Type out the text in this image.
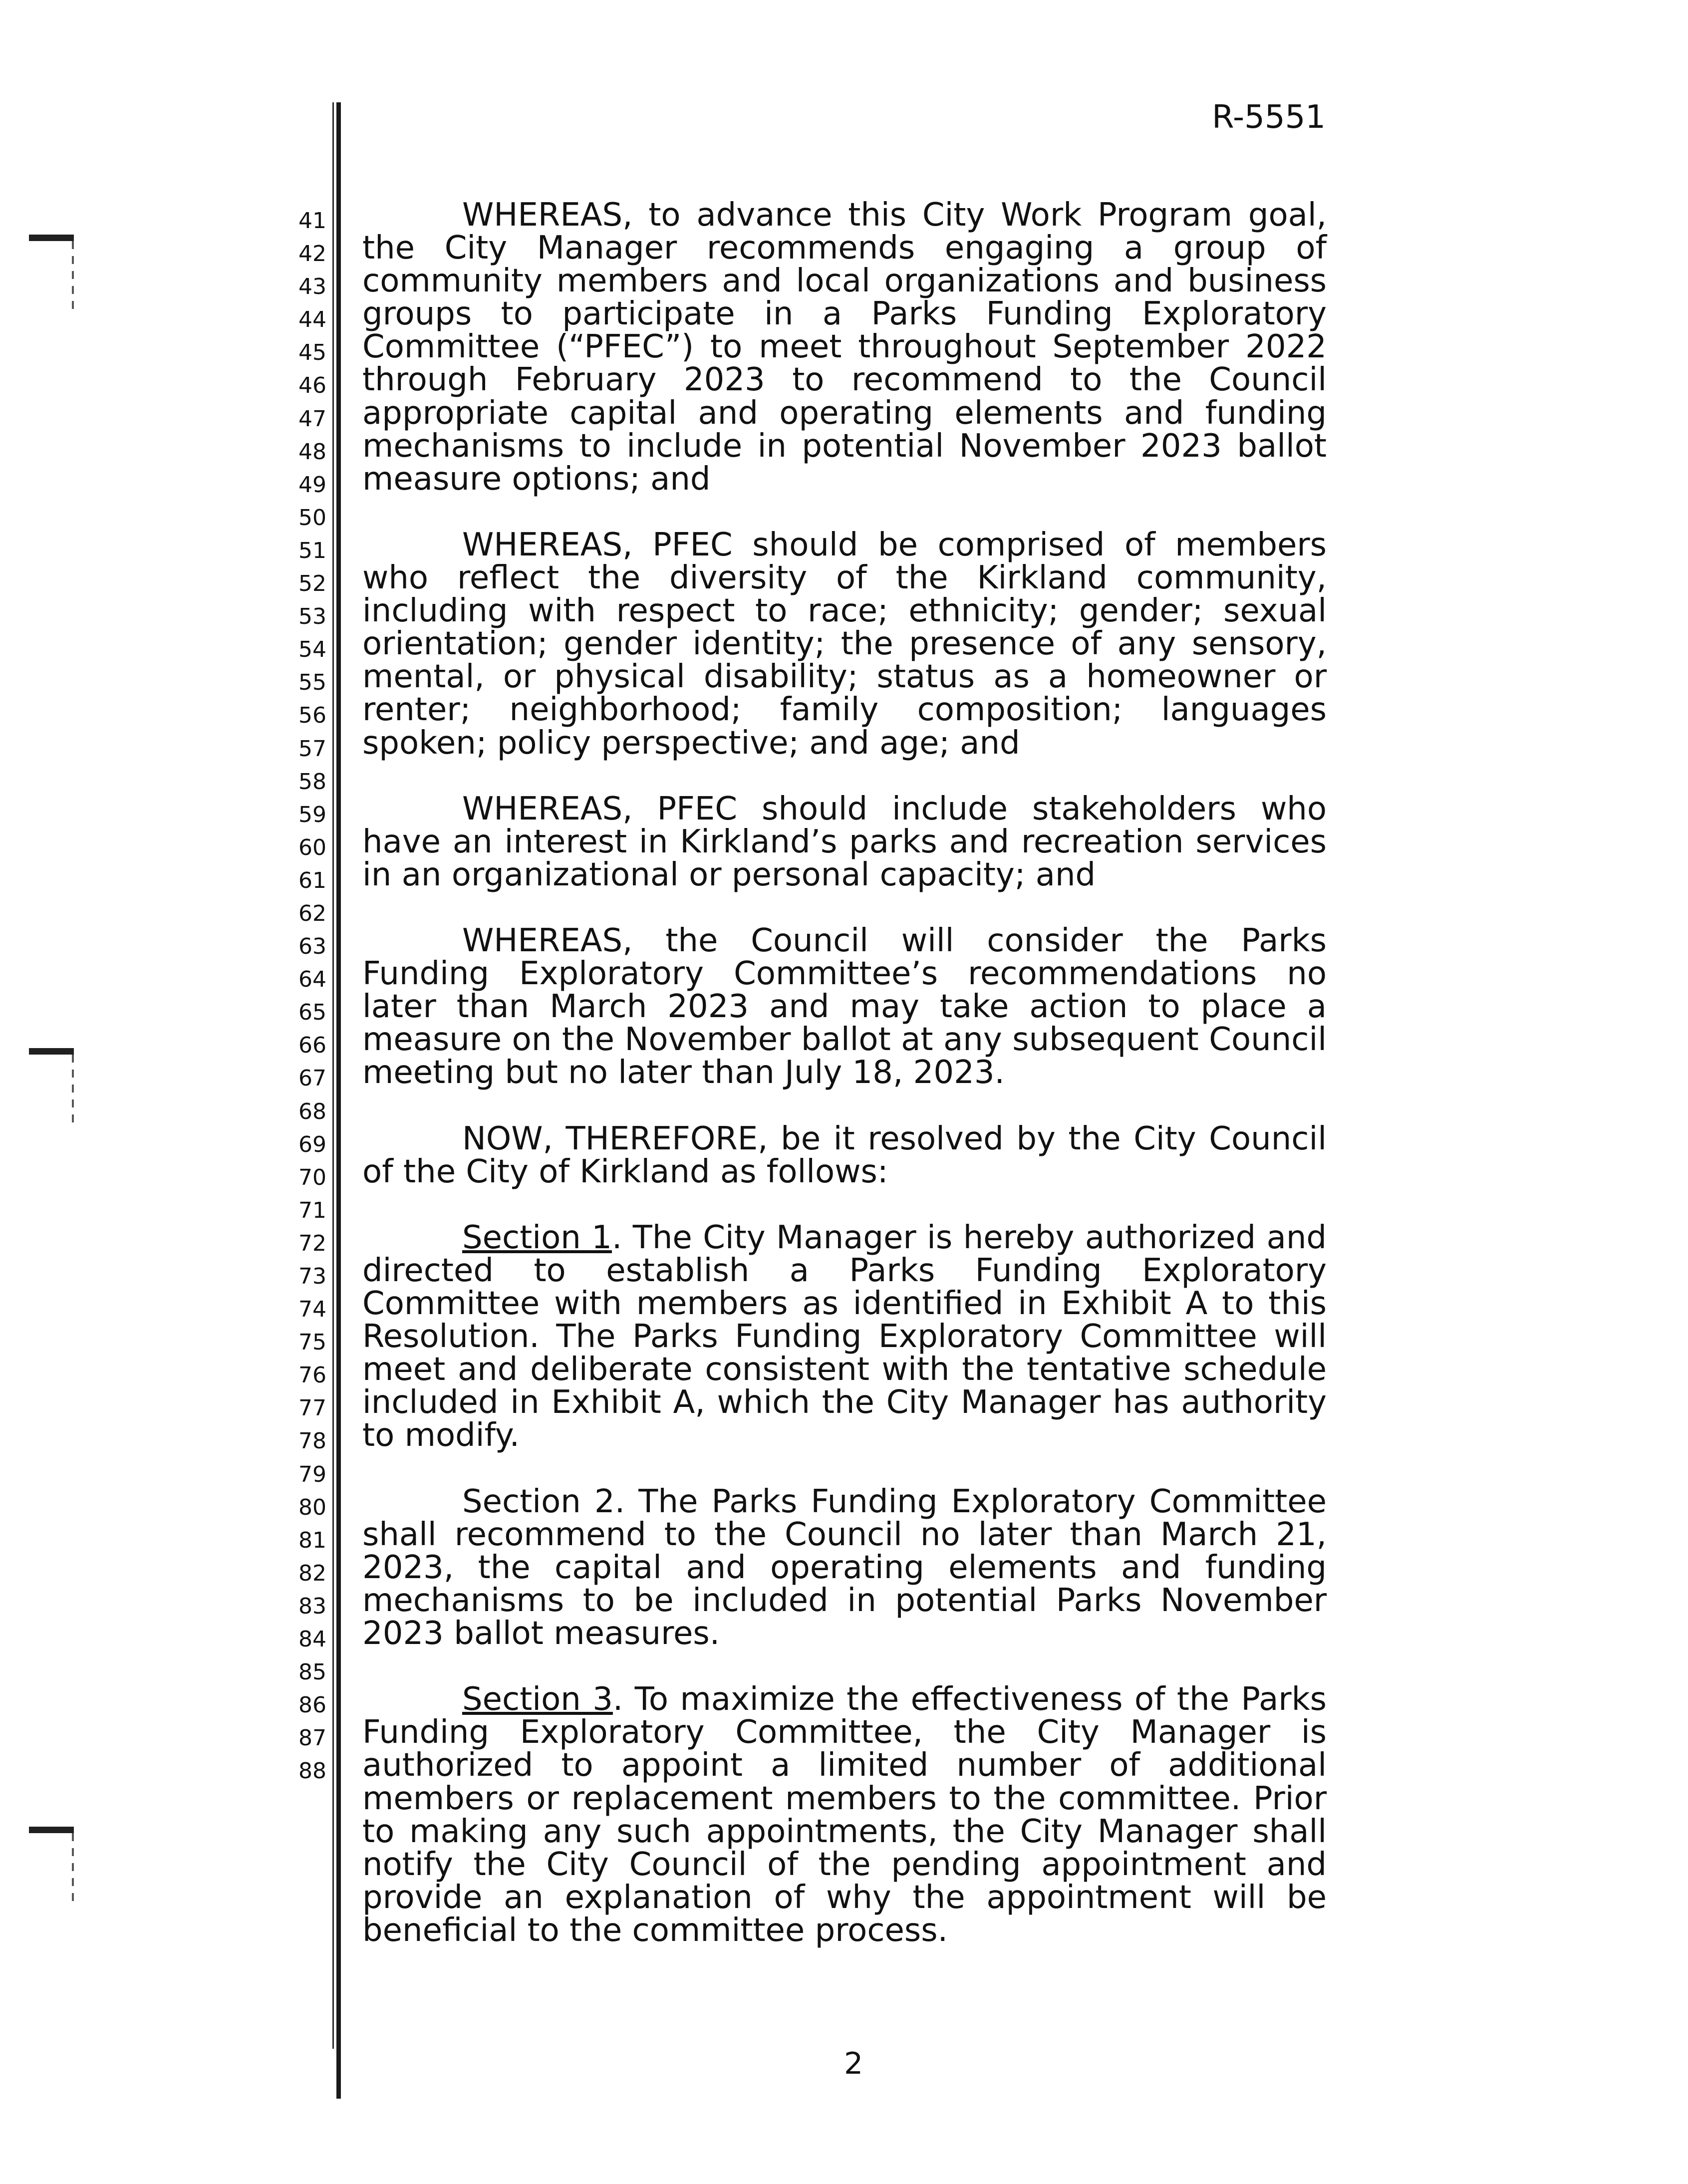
R-5551
41
42
43
44
45
46
47
48
49
50
51
52
53
54
55
56
57
58
59
60
61
62
63
64
65
66
67
68
69
70
71
72
73
74
75
76
77
78
79
80
81
82
83
84
85
86
87
88

WHEREAS, to advance this City Work Program goal, the City Manager recommends engaging a group of community members and local organizations and business groups to participate in a Parks Funding Exploratory Committee (“PFEC”) to meet throughout September 2022 through February 2023 to recommend to the Council appropriate capital and operating elements and funding mechanisms to include in potential November 2023 ballot measure options; and

WHEREAS, PFEC should be comprised of members who reflect the diversity of the Kirkland community, including with respect to race; ethnicity; gender; sexual orientation; gender identity; the presence of any sensory, mental, or physical disability; status as a homeowner or renter; neighborhood; family composition; languages spoken; policy perspective; and age; and

WHEREAS, PFEC should include stakeholders who have an interest in Kirkland’s parks and recreation services in an organizational or personal capacity; and

WHEREAS, the Council will consider the Parks Funding Exploratory Committee’s recommendations no later than March 2023 and may take action to place a measure on the November ballot at any subsequent Council meeting but no later than July 18, 2023.

NOW, THEREFORE, be it resolved by the City Council of the City of Kirkland as follows:

Section 1. The City Manager is hereby authorized and directed to establish a Parks Funding Exploratory Committee with members as identified in Exhibit A to this Resolution. The Parks Funding Exploratory Committee will meet and deliberate consistent with the tentative schedule included in Exhibit A, which the City Manager has authority to modify.

Section 2. The Parks Funding Exploratory Committee shall recommend to the Council no later than March 21, 2023, the capital and operating elements and funding mechanisms to be included in potential Parks November 2023 ballot measures.

Section 3. To maximize the effectiveness of the Parks Funding Exploratory Committee, the City Manager is authorized to appoint a limited number of additional members or replacement members to the committee. Prior to making any such appointments, the City Manager shall notify the City Council of the pending appointment and provide an explanation of why the appointment will be beneficial to the committee process.

2
